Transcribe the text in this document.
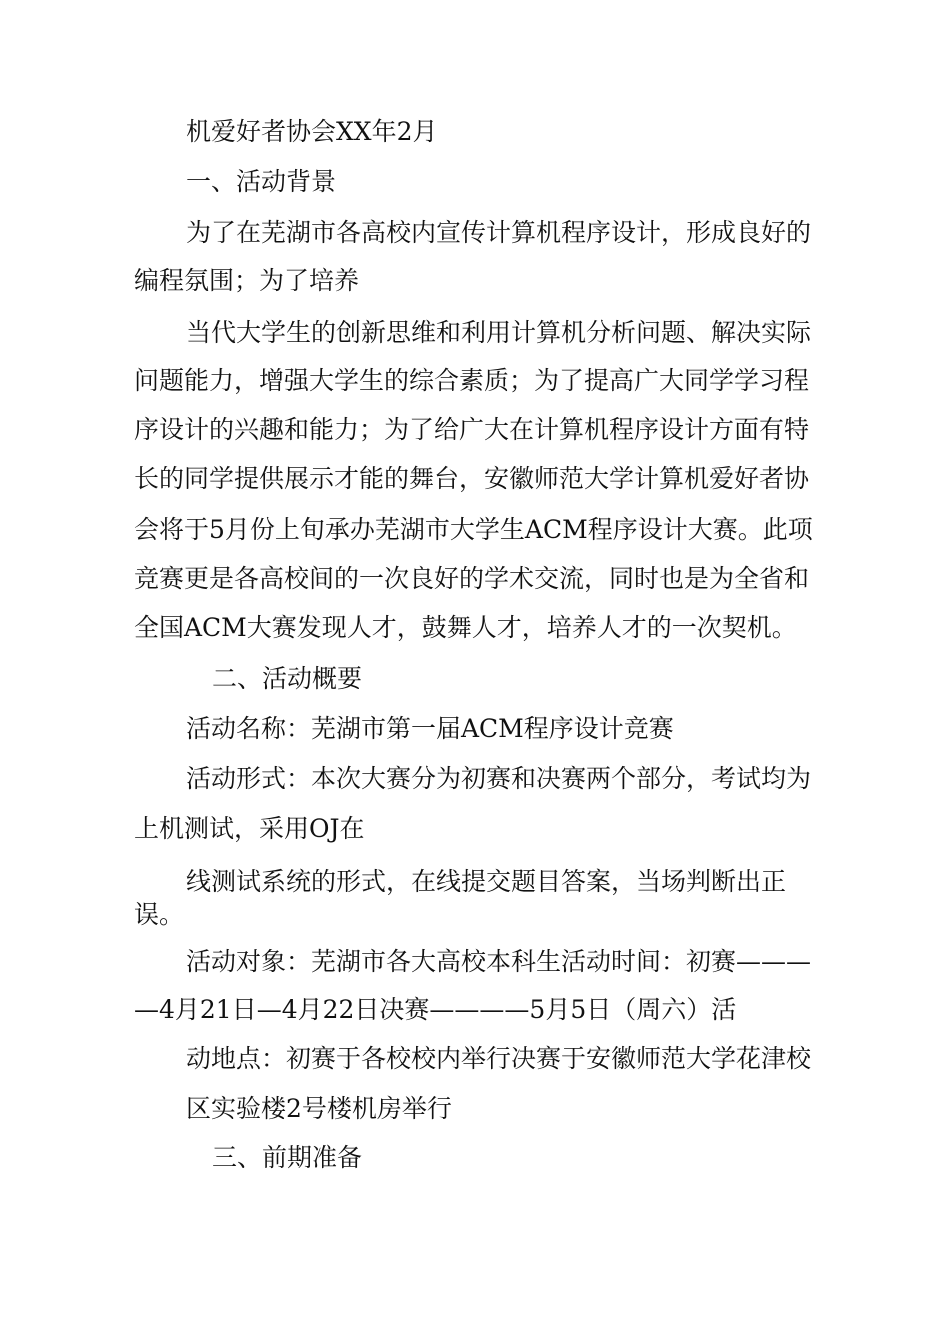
机爱好者协会XX年2月
一、活动背景
为了在芜湖市各高校内宣传计算机程序设计，形成良好的
编程氛围；为了培养
当代大学生的创新思维和利用计算机分析问题、解决实际
问题能力，增强大学生的综合素质；为了提高广大同学学习程
序设计的兴趣和能力；为了给广大在计算机程序设计方面有特
长的同学提供展示才能的舞台，安徽师范大学计算机爱好者协
会将于5月份上旬承办芜湖市大学生ACM程序设计大赛。此项
竞赛更是各高校间的一次良好的学术交流，同时也是为全省和
全国ACM大赛发现人才，鼓舞人才，培养人才的一次契机。
二、活动概要
活动名称：芜湖市第一届ACM程序设计竞赛
活动形式：本次大赛分为初赛和决赛两个部分，考试均为
上机测试，采用OJ在
线测试系统的形式，在线提交题目答案，当场判断出正
误。
活动对象：芜湖市各大高校本科生活动时间：初赛———
—4月21日—4月22日决赛————5月5日（周六）活
动地点：初赛于各校校内举行决赛于安徽师范大学花津校
区实验楼2号楼机房举行
三、前期准备
